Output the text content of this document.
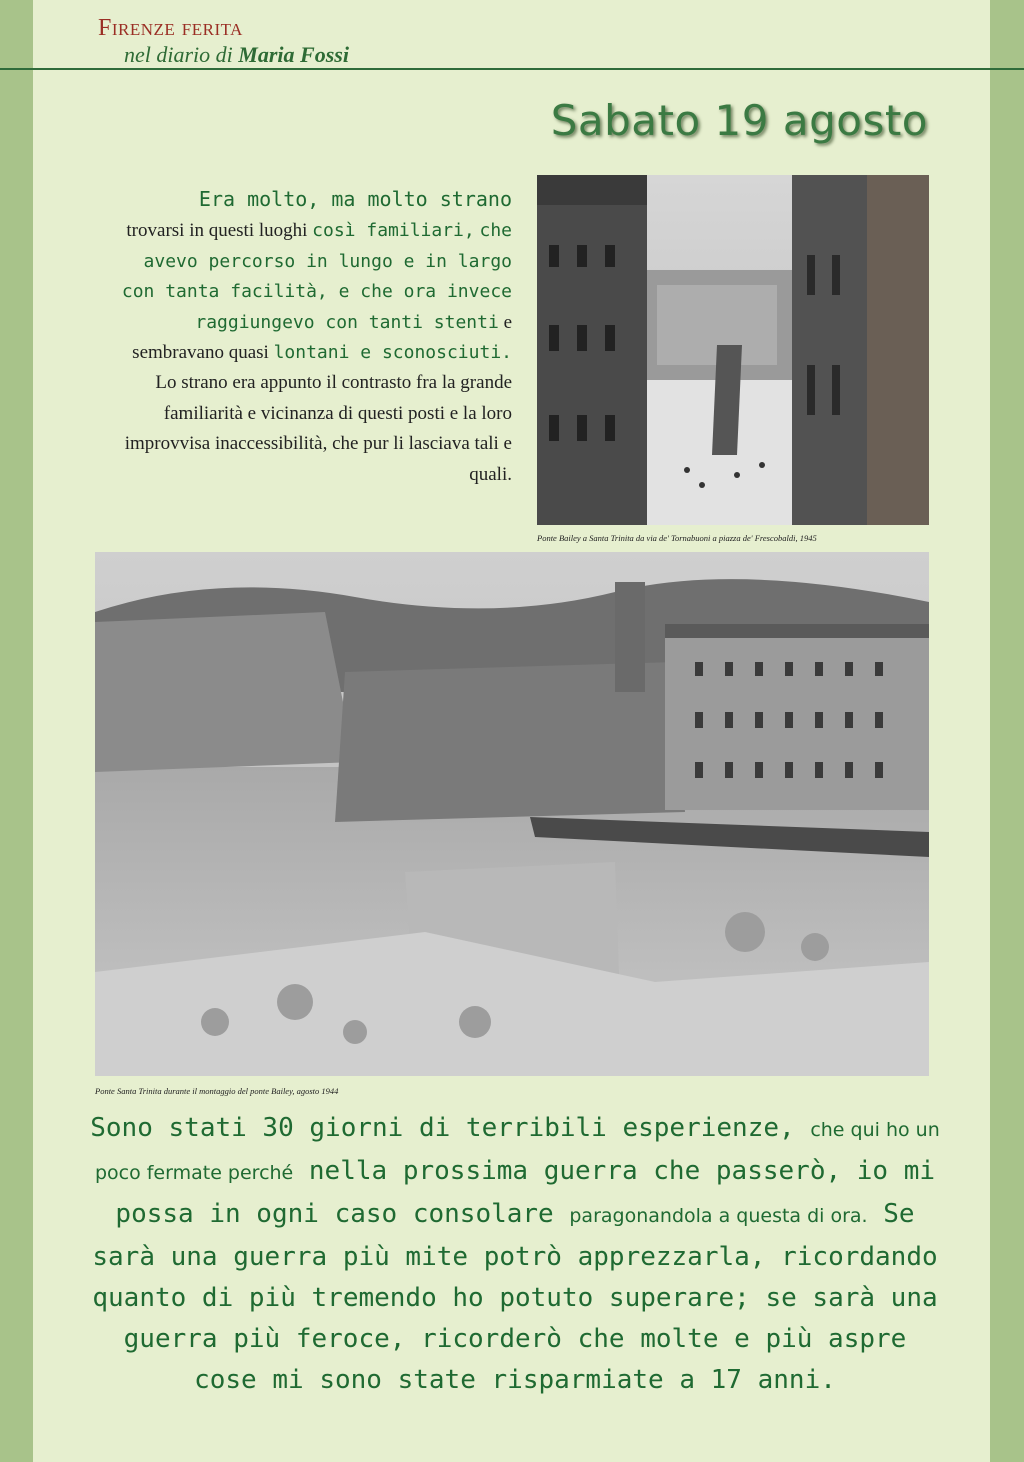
Firenze ferita
nel diario di Maria Fossi
Sabato 19 agosto
Era molto, ma molto strano
trovarsi in questi luoghi così familiari, che avevo percorso in lungo e in largo con tanta facilità, e che ora invece raggiungevo con tanti stenti e sembravano quasi lontani e sconosciuti. Lo strano era appunto il contrasto fra la grande familiarità e vicinanza di questi posti e la loro improvvisa inaccessibilità, che pur li lasciava tali e quali.
Ponte Bailey a Santa Trinita da via de' Tornabuoni a piazza de' Frescobaldi, 1945
Ponte Santa Trinita durante il montaggio del ponte Bailey, agosto 1944
Sono stati 30 giorni di terribili esperienze, che qui ho un poco fermate perché nella prossima guerra che passerò, io mi possa in ogni caso consolare paragonandola a questa di ora. Se sarà una guerra più mite potrò apprezzarla, ricordando quanto di più tremendo ho potuto superare; se sarà una guerra più feroce, ricorderò che molte e più aspre cose mi sono state risparmiate a 17 anni.
